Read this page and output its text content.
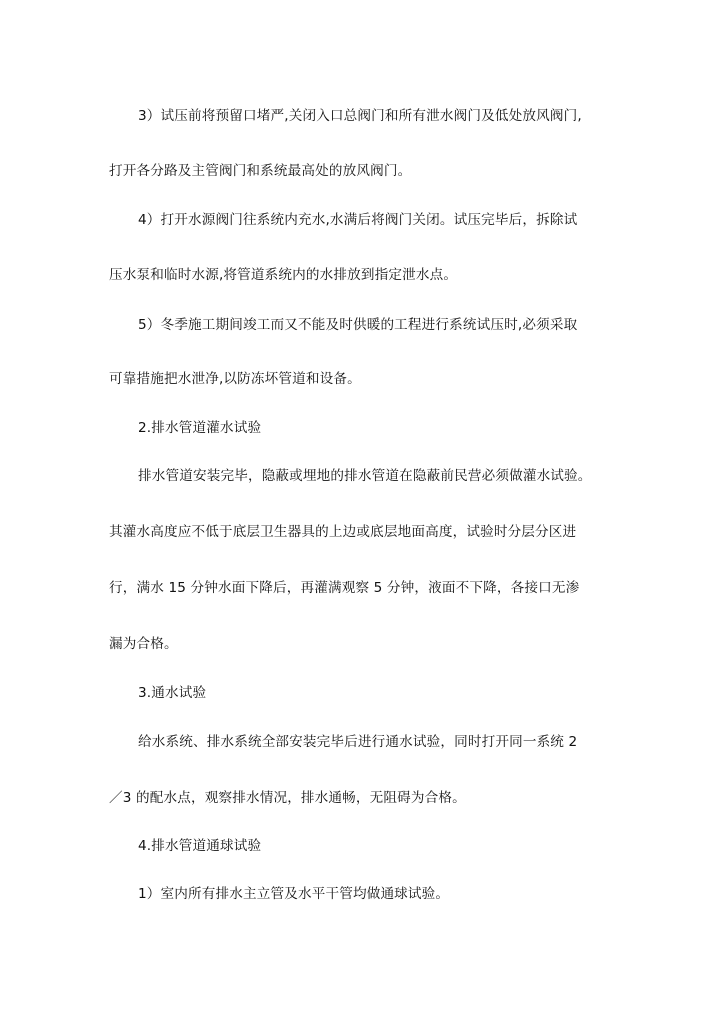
3）试压前将预留口堵严,关闭入口总阀门和所有泄水阀门及低处放风阀门,
打开各分路及主管阀门和系统最高处的放风阀门。
4）打开水源阀门往系统内充水,水满后将阀门关闭。试压完毕后，拆除试
压水泵和临时水源,将管道系统内的水排放到指定泄水点。
5）冬季施工期间竣工而又不能及时供暖的工程进行系统试压时,必须采取
可靠措施把水泄净,以防冻坏管道和设备。
2.排水管道灌水试验
排水管道安装完毕，隐蔽或埋地的排水管道在隐蔽前民营必须做灌水试验。
其灌水高度应不低于底层卫生器具的上边或底层地面高度，试验时分层分区进
行，满水 15 分钟水面下降后，再灌满观察 5 分钟，液面不下降，各接口无渗
漏为合格。
3.通水试验
给水系统、排水系统全部安装完毕后进行通水试验，同时打开同一系统 2
／3 的配水点，观察排水情况，排水通畅，无阻碍为合格。
4.排水管道通球试验
1）室内所有排水主立管及水平干管均做通球试验。
